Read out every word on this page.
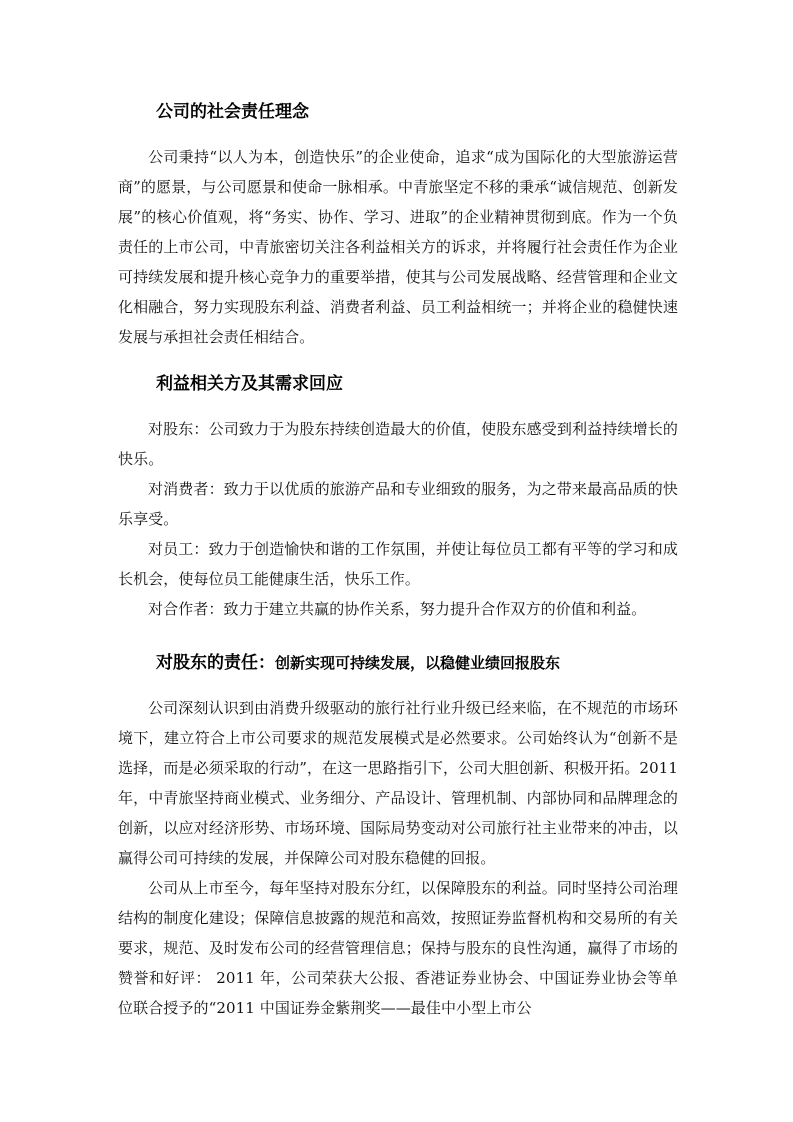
公司的社会责任理念

公司秉持“以人为本，创造快乐”的企业使命，追求“成为国际化的大型旅游运营商”的愿景，与公司愿景和使命一脉相承。中青旅坚定不移的秉承“诚信规范、创新发展”的核心价值观，将“务实、协作、学习、进取”的企业精神贯彻到底。作为一个负责任的上市公司，中青旅密切关注各利益相关方的诉求，并将履行社会责任作为企业可持续发展和提升核心竞争力的重要举措，使其与公司发展战略、经营管理和企业文化相融合，努力实现股东利益、消费者利益、员工利益相统一；并将企业的稳健快速发展与承担社会责任相结合。

利益相关方及其需求回应

对股东：公司致力于为股东持续创造最大的价值，使股东感受到利益持续增长的快乐。

对消费者：致力于以优质的旅游产品和专业细致的服务，为之带来最高品质的快乐享受。

对员工：致力于创造愉快和谐的工作氛围，并使让每位员工都有平等的学习和成长机会，使每位员工能健康生活，快乐工作。

对合作者：致力于建立共赢的协作关系，努力提升合作双方的价值和利益。

对股东的责任：创新实现可持续发展，以稳健业绩回报股东

公司深刻认识到由消费升级驱动的旅行社行业升级已经来临，在不规范的市场环境下，建立符合上市公司要求的规范发展模式是必然要求。公司始终认为“创新不是选择，而是必须采取的行动”，在这一思路指引下，公司大胆创新、积极开拓。2011 年，中青旅坚持商业模式、业务细分、产品设计、管理机制、内部协同和品牌理念的创新，以应对经济形势、市场环境、国际局势变动对公司旅行社主业带来的冲击，以赢得公司可持续的发展，并保障公司对股东稳健的回报。

公司从上市至今，每年坚持对股东分红，以保障股东的利益。同时坚持公司治理结构的制度化建设；保障信息披露的规范和高效，按照证券监督机构和交易所的有关要求，规范、及时发布公司的经营管理信息；保持与股东的良性沟通，赢得了市场的赞誉和好评： 2011 年，公司荣获大公报、香港证券业协会、中国证券业协会等单位联合授予的“2011 中国证券金紫荆奖——最佳中小型上市公
